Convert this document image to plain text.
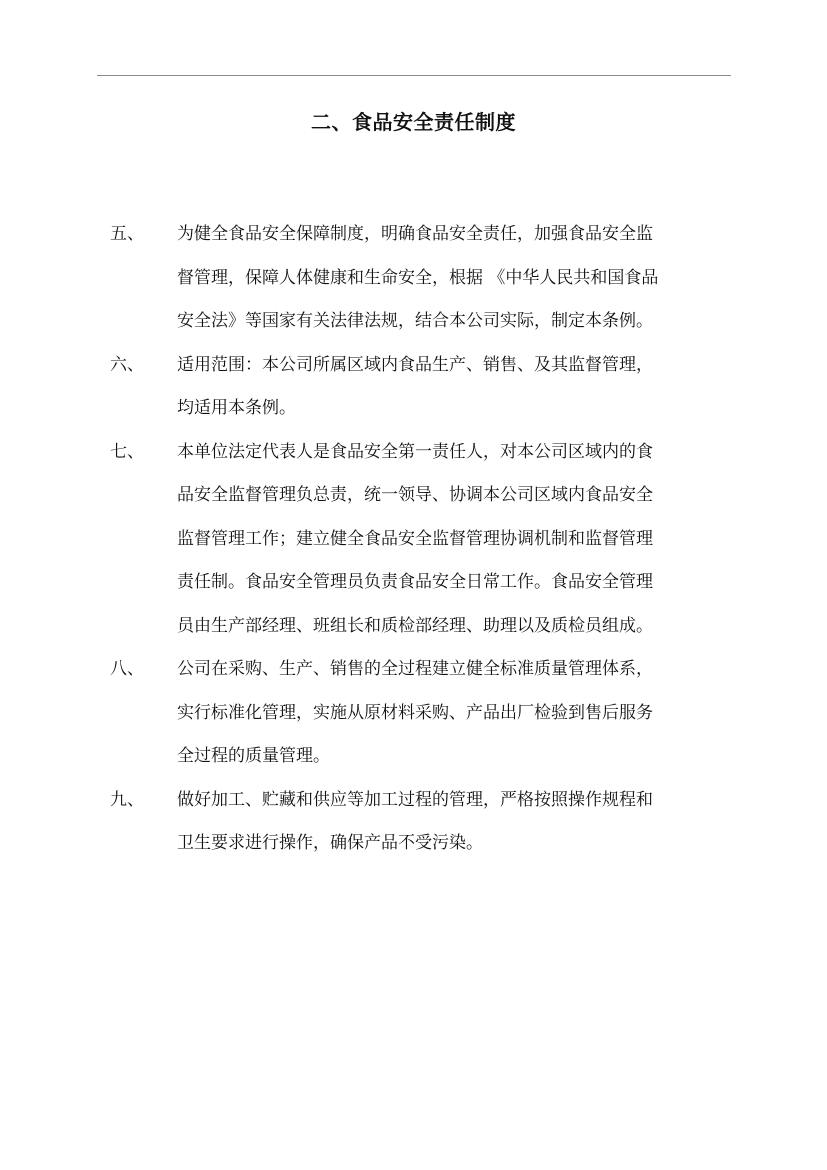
二、食品安全责任制度
五、 为健全食品安全保障制度，明确食品安全责任，加强食品安全监
督管理，保障人体健康和生命安全，根据 《中华人民共和国食品
安全法》等国家有关法律法规，结合本公司实际，制定本条例。
六、 适用范围：本公司所属区域内食品生产、销售、及其监督管理，
均适用本条例。
七、 本单位法定代表人是食品安全第一责任人，对本公司区域内的食
品安全监督管理负总责，统一领导、协调本公司区域内食品安全
监督管理工作；建立健全食品安全监督管理协调机制和监督管理
责任制。食品安全管理员负责食品安全日常工作。食品安全管理
员由生产部经理、班组长和质检部经理、助理以及质检员组成。
八、 公司在采购、生产、销售的全过程建立健全标准质量管理体系，
实行标准化管理，实施从原材料采购、产品出厂检验到售后服务
全过程的质量管理。
九、 做好加工、贮藏和供应等加工过程的管理，严格按照操作规程和
卫生要求进行操作，确保产品不受污染。
